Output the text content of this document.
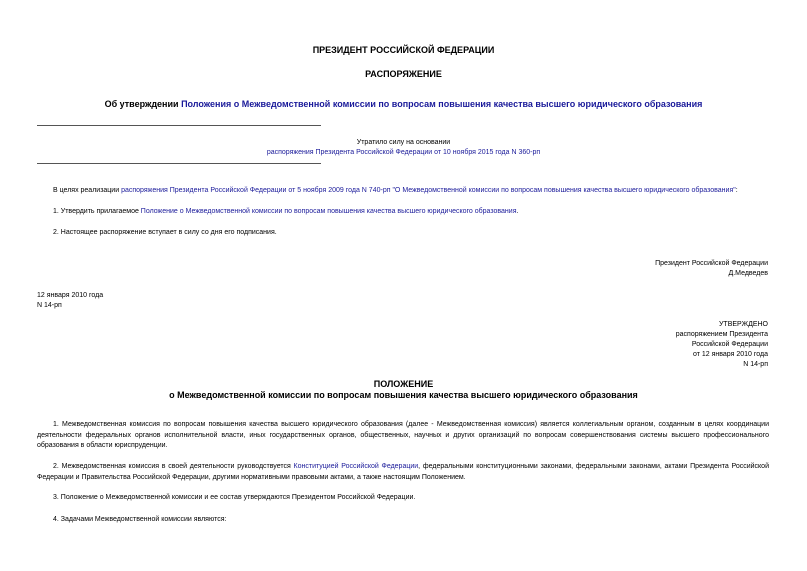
ПРЕЗИДЕНТ РОССИЙСКОЙ ФЕДЕРАЦИИ
РАСПОРЯЖЕНИЕ
Об утверждении Положения о Межведомственной комиссии по вопросам повышения качества высшего юридического образования
Утратило силу на основании
распоряжения Президента Российской Федерации от 10 ноября 2015 года N 360-рп
В целях реализации распоряжения Президента Российской Федерации от 5 ноября 2009 года N 740-рп "О Межведомственной комиссии по вопросам повышения качества высшего юридического образования":
1. Утвердить прилагаемое Положение о Межведомственной комиссии по вопросам повышения качества высшего юридического образования.
2. Настоящее распоряжение вступает в силу со дня его подписания.
Президент Российской Федерации
Д.Медведев
12 января 2010 года
N 14-рп
УТВЕРЖДЕНО
распоряжением Президента
Российской Федерации
от 12 января 2010 года
N 14-рп
ПОЛОЖЕНИЕ
о Межведомственной комиссии по вопросам повышения качества высшего юридического образования
1. Межведомственная комиссия по вопросам повышения качества высшего юридического образования (далее - Межведомственная комиссия) является коллегиальным органом, созданным в целях координации деятельности федеральных органов исполнительной власти, иных государственных органов, общественных, научных и других организаций по вопросам совершенствования системы высшего профессионального образования в области юриспруденции.
2. Межведомственная комиссия в своей деятельности руководствуется Конституцией Российской Федерации, федеральными конституционными законами, федеральными законами, актами Президента Российской Федерации и Правительства Российской Федерации, другими нормативными правовыми актами, а также настоящим Положением.
3. Положение о Межведомственной комиссии и ее состав утверждаются Президентом Российской Федерации.
4. Задачами Межведомственной комиссии являются:
